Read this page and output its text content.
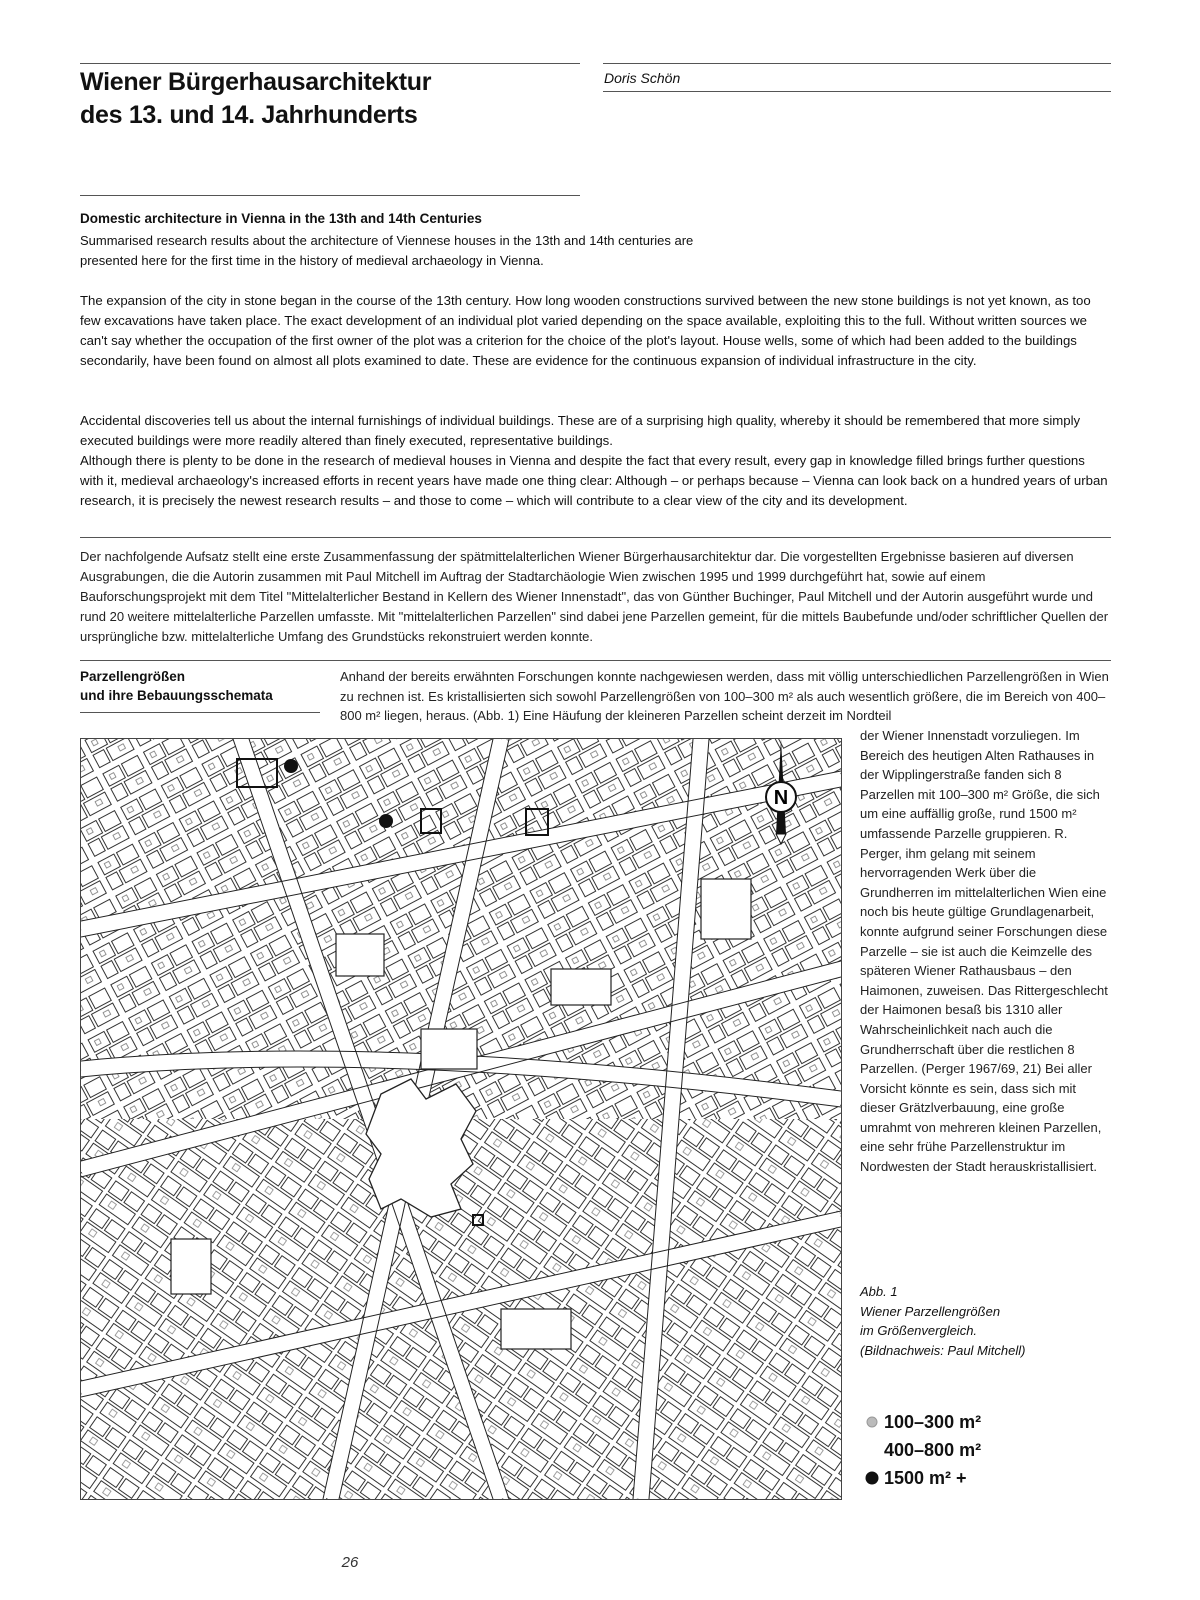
Wiener Bürgerhausarchitektur
des 13. und 14. Jahrhunderts
Doris Schön
Domestic architecture in Vienna in the 13th and 14th Centuries

Summarised research results about the architecture of Viennese houses in the 13th and 14th centuries are presented here for the first time in the history of medieval archaeology in Vienna.

The expansion of the city in stone began in the course of the 13th century. How long wooden constructions survived between the new stone buildings is not yet known, as too few excavations have taken place. The exact development of an individual plot varied depending on the space available, exploiting this to the full. Without written sources we can't say whether the occupation of the first owner of the plot was a criterion for the choice of the plot's layout. House wells, some of which had been added to the buildings secondarily, have been found on almost all plots examined to date. These are evidence for the continuous expansion of individual infrastructure in the city.

Accidental discoveries tell us about the internal furnishings of individual buildings. These are of a surprising high quality, whereby it should be remembered that more simply executed buildings were more readily altered than finely executed, representative buildings.

Although there is plenty to be done in the research of medieval houses in Vienna and despite the fact that every result, every gap in knowledge filled brings further questions with it, medieval archaeology's increased efforts in recent years have made one thing clear: Although – or perhaps because – Vienna can look back on a hundred years of urban research, it is precisely the newest research results – and those to come – which will contribute to a clear view of the city and its development.

Der nachfolgende Aufsatz stellt eine erste Zusammenfassung der spätmittelalterlichen Wiener Bürgerhausarchitektur dar. Die vorgestellten Ergebnisse basieren auf diversen Ausgrabungen, die die Autorin zusammen mit Paul Mitchell im Auftrag der Stadtarchäologie Wien zwischen 1995 und 1999 durchgeführt hat, sowie auf einem Bauforschungsprojekt mit dem Titel "Mittelalterlicher Bestand in Kellern des Wiener Innenstadt", das von Günther Buchinger, Paul Mitchell und der Autorin ausgeführt wurde und rund 20 weitere mittelalterliche Parzellen umfasste. Mit "mittelalterlichen Parzellen" sind dabei jene Parzellen gemeint, für die mittels Baubefunde und/oder schriftlicher Quellen der ursprüngliche bzw. mittelalterliche Umfang des Grundstücks rekonstruiert werden konnte.

Parzellengrößen
und ihre Bebauungsschemata

Anhand der bereits erwähnten Forschungen konnte nachgewiesen werden, dass mit völlig unterschiedlichen Parzellengrößen in Wien zu rechnen ist. Es kristallisierten sich sowohl Parzellengrößen von 100–300 m² als auch wesentlich größere, die im Bereich von 400–800 m² liegen, heraus. (Abb. 1) Eine Häufung der kleineren Parzellen scheint derzeit im Nordteil

der Wiener Innenstadt vorzuliegen. Im Bereich des heutigen Alten Rathauses in der Wipplingerstraße fanden sich 8 Parzellen mit 100–300 m² Größe, die sich um eine auffällig große, rund 1500 m² umfassende Parzelle gruppieren. R. Perger, ihm gelang mit seinem hervorragenden Werk über die Grundherren im mittelalterlichen Wien eine noch bis heute gültige Grundlagenarbeit, konnte aufgrund seiner Forschungen diese Parzelle – sie ist auch die Keimzelle des späteren Wiener Rathausbaus – den Haimonen, zuweisen. Das Rittergeschlecht der Haimonen besaß bis 1310 aller Wahrscheinlichkeit nach auch die Grundherrschaft über die restlichen 8 Parzellen. (Perger 1967/69, 21) Bei aller Vorsicht könnte es sein, dass sich mit dieser Grätzlverbauung, eine große umrahmt von mehreren kleinen Parzellen, eine sehr frühe Parzellenstruktur im Nordwesten der Stadt herauskristallisiert.

N
Abb. 1
Wiener Parzellengrößen
im Größenvergleich.
(Bildnachweis: Paul Mitchell)
100–300 m²
400–800 m²
1500 m² +
26
